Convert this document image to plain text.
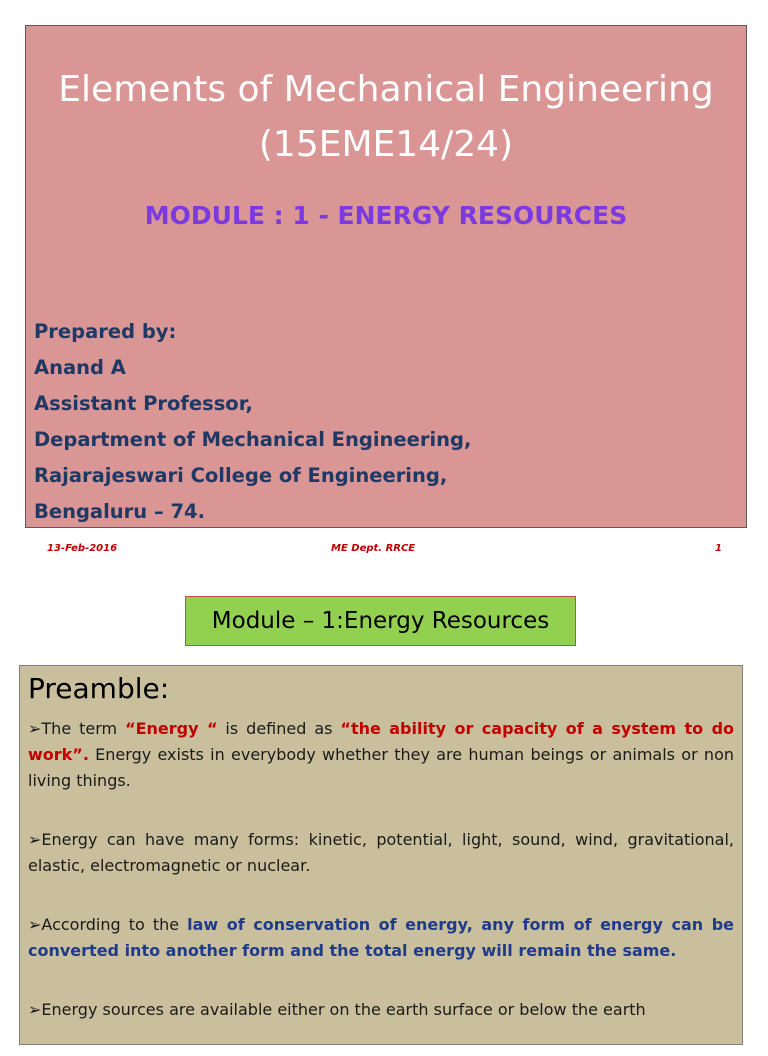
Elements of Mechanical Engineering
(15EME14/24)
MODULE : 1 - ENERGY RESOURCES
Prepared by:
Anand A
Assistant Professor,
Department of Mechanical Engineering,
Rajarajeswari College of Engineering,
Bengaluru – 74.
13-Feb-2016	ME Dept. RRCE	1
Module – 1:Energy Resources
Preamble:

➢The term “Energy “ is defined as “the ability or capacity of a system to do work”. Energy exists in everybody whether they are human beings or animals or non living things.

➢Energy can have many forms: kinetic, potential, light, sound, wind, gravitational, elastic, electromagnetic or nuclear.

➢According to the law of conservation of energy, any form of energy can be converted into another form and the total energy will remain the same.

➢Energy sources are available either on the earth surface or below the earth
